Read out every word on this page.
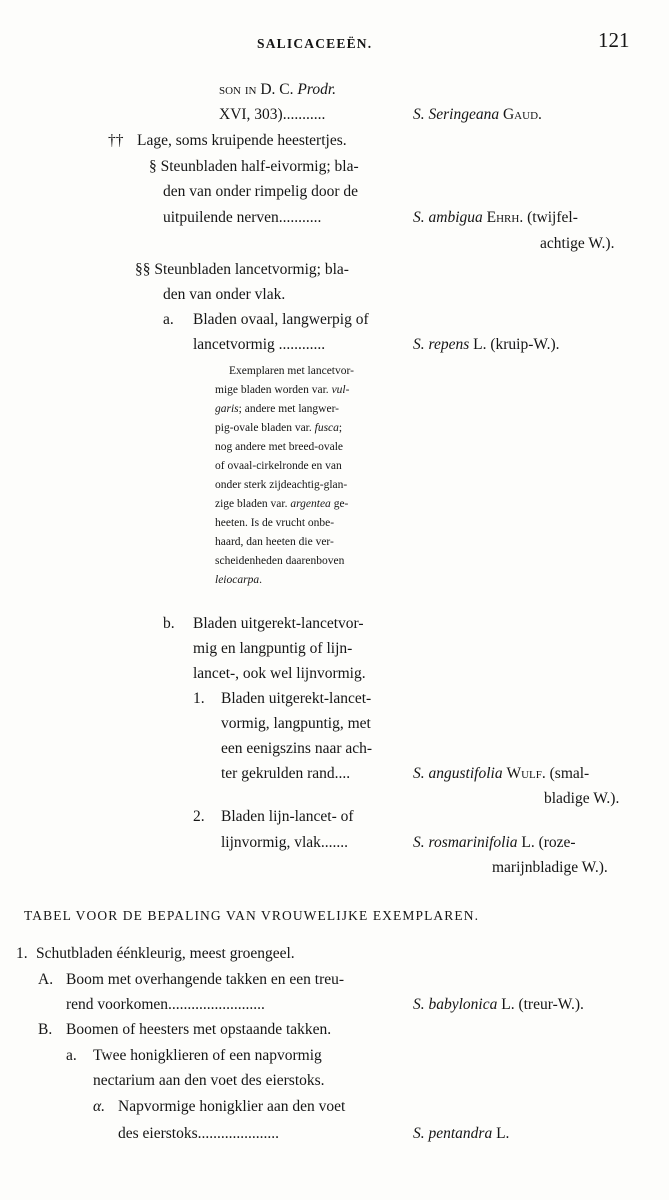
SALICACEEËN.	121
son in D. C. Prodr.
XVI, 303)...........	S. Seringeana Gaud.
†† Lage, soms kruipende heestertjes.
§ Steunbladen half-eivormig; bla-
den van onder rimpelig door de
uitpuilende nerven...........	S. ambigua Ehrh. (twijfel-
achtige W.).
§§ Steunbladen lancetvormig; bla-
den van onder vlak.
a. Bladen ovaal, langwerpig of
lancetvormig ............	S. repens L. (kruip-W.).
Exemplaren met lancetvor-
mige bladen worden var. vul-
garis; andere met langwer-
pig-ovale bladen var. fusca;
nog andere met breed-ovale
of ovaal-cirkelronde en van
onder sterk zijdeachtig-glan-
zige bladen var. argentea ge-
heeten. Is de vrucht onbe-
haard, dan heeten die ver-
scheidenheden daarenboven
leiocarpa.
b. Bladen uitgerekt-lancetvor-
mig en langpuntig of lijn-
lancet-, ook wel lijnvormig.
1. Bladen uitgerekt-lancet-
vormig, langpuntig, met
een eenigszins naar ach-
ter gekrulden rand....	S. angustifolia Wulf. (smal-
bladige W.).
2. Bladen lijn-lancet- of
lijnvormig, vlak.......	S. rosmarinifolia L. (roze-
marijnbladige W.).
TABEL VOOR DE BEPALING VAN VROUWELIJKE EXEMPLAREN.
1. Schutbladen éénkleurig, meest groengeel.
A. Boom met overhangende takken en een treu-
rend voorkomen.........................	S. babylonica L. (treur-W.).
B. Boomen of heesters met opstaande takken.
a. Twee honigklieren of een napvormig
nectarium aan den voet des eierstoks.
α. Napvormige honigklier aan den voet
des eierstoks.....................	S. pentandra L.
